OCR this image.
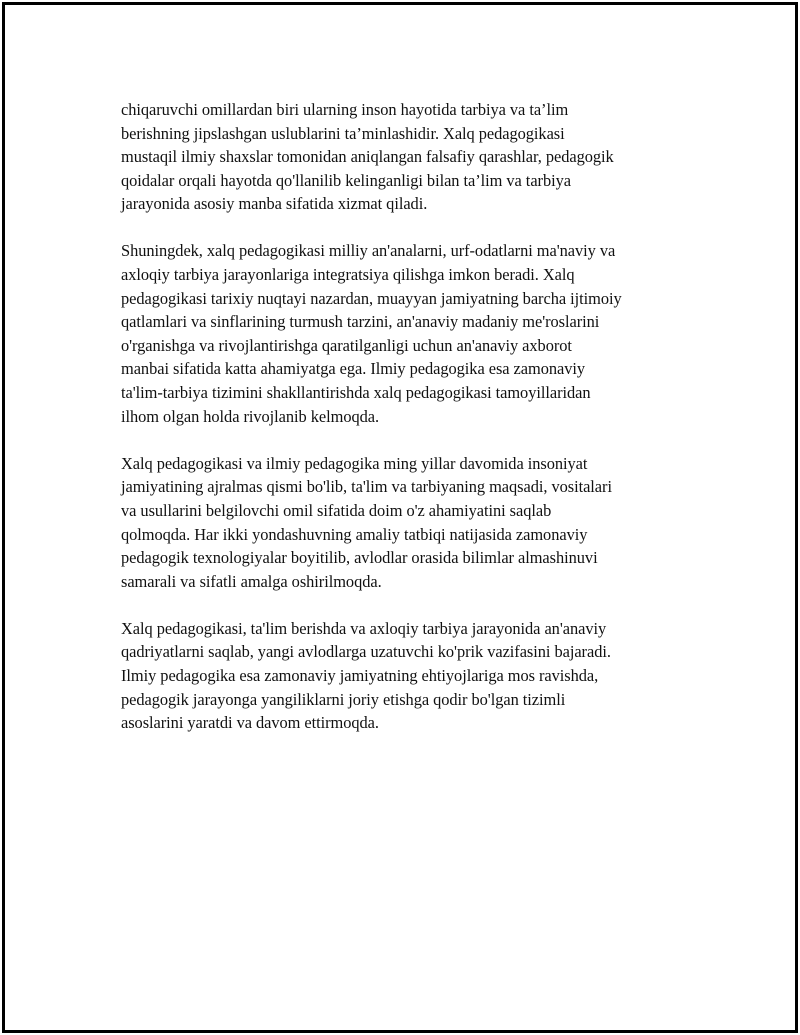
chiqaruvchi omillardan biri ularning inson hayotida tarbiya va ta’lim
berishning jipslashgan uslublarini ta’minlashidir. Xalq pedagogikasi
mustaqil ilmiy shaxslar tomonidan aniqlangan falsafiy qarashlar, pedagogik
qoidalar orqali hayotda qo'llanilib kelinganligi bilan ta’lim va tarbiya
jarayonida asosiy manba sifatida xizmat qiladi.

Shuningdek, xalq pedagogikasi milliy an'analarni, urf-odatlarni ma'naviy va
axloqiy tarbiya jarayonlariga integratsiya qilishga imkon beradi. Xalq
pedagogikasi tarixiy nuqtayi nazardan, muayyan jamiyatning barcha ijtimoiy
qatlamlari va sinflarining turmush tarzini, an'anaviy madaniy me'roslarini
o'rganishga va rivojlantirishga qaratilganligi uchun an'anaviy axborot
manbai sifatida katta ahamiyatga ega. Ilmiy pedagogika esa zamonaviy
ta'lim-tarbiya tizimini shakllantirishda xalq pedagogikasi tamoyillaridan
ilhom olgan holda rivojlanib kelmoqda.

Xalq pedagogikasi va ilmiy pedagogika ming yillar davomida insoniyat
jamiyatining ajralmas qismi bo'lib, ta'lim va tarbiyaning maqsadi, vositalari
va usullarini belgilovchi omil sifatida doim o'z ahamiyatini saqlab
qolmoqda. Har ikki yondashuvning amaliy tatbiqi natijasida zamonaviy
pedagogik texnologiyalar boyitilib, avlodlar orasida bilimlar almashinuvi
samarali va sifatli amalga oshirilmoqda.

Xalq pedagogikasi, ta'lim berishda va axloqiy tarbiya jarayonida an'anaviy
qadriyatlarni saqlab, yangi avlodlarga uzatuvchi ko'prik vazifasini bajaradi.
Ilmiy pedagogika esa zamonaviy jamiyatning ehtiyojlariga mos ravishda,
pedagogik jarayonga yangiliklarni joriy etishga qodir bo'lgan tizimli
asoslarini yaratdi va davom ettirmoqda.
